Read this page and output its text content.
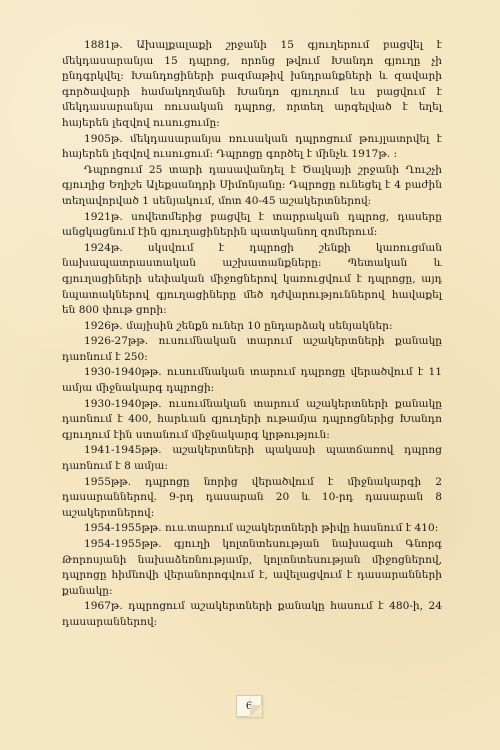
1881թ. Ախալքալաքի շրջանի 15 գյուղերում բացվել է մեկդասարանյա 15 դպրոց, որոնց թվում Խանդո գյուղը չի ընդգրկվել: Խանդոցիների բազմաթիվ խնդրանքների և զավարի գործավարի համակողմանի Խանդո գյուղում ևս բացվում է մեկդասարանյա ռուսական դպրոց, որտեղ արգելված է եղել հայերեն լեզվով ուսուցումը:

1905թ. մեկդասարանյա ռուսական դպրոցում թույլատրվել է հայերեն լեզվով ուսուցում: Դպրոցը գործել է մինչև 1917թ. :

Դպրոցում 25 տարի դասավանդել է Ծալկայի շրջանի Ղուշչի գյուղից Եղիշե Ալեքսանդրի Սիմոնյանը: Դպրոցը ունեցել է 4 բաժին տեղավորված 1 սենյակում, մոտ 40-45 աշակերտներով:

1921թ. սովետմերից բացվել է տարրական դպրոց, դասերը անցկացնում էին գյուղացիներին պատկանող զոմերում:

1924թ. սկսվում է դպրոցի շենքի կառուցման նախապատրաստական աշխատանքները: Պետական և գյուղացիների սեփական միջոցներով կառուցվում է դպրոցը, այդ նպատակներով գյուղացիները մեծ դժվարություններով հավաքել են 800 փութ ցորի:

1926թ. մայիսին շենքն ուներ 10 ընդարձակ սենյակներ:

1926-27թթ. ուսումնական տարում աշակերտների քանակը դառնում է 250:

1930-1940թթ. ուսումնական տարում դպրոցը վերածվում է 11 ամյա միջնակարգ դպրոցի:

1930-1940թթ. ուսումնական տարում աշակերտների քանակը դառնում է 400, հարևան գյուղերի ութամյա դպրոցներից Խանդո գյուղում էին ստանում միջնակարգ կրթություն:

1941-1945թթ. աշակերտների պակասի պատճառով դպրոց դառնում է 8 ամյա:

1955թթ. դպրոցը նորից վերածվում է միջնակարգի 2 դասարաններով. 9-րդ դասարան 20 և 10-րդ դասարան 8 աշակերտներով:

1954-1955թթ. ուս.տարում աշակերտների թիվը հասնում է 410:

1954-1955թթ. գյուղի կոլտնտեսության նախագահ Գնորգ Թորոսյանի նախաձեռնությամբ, կոլտնտեսության միջոցներով, դպրոցը հիմնովի վերանորոգվում է, ավելացվում է դասարանների քանակը:

1967թ. դպրոցում աշակերտների քանակը հասում է 480-ի, 24 դասարաններով:

6
